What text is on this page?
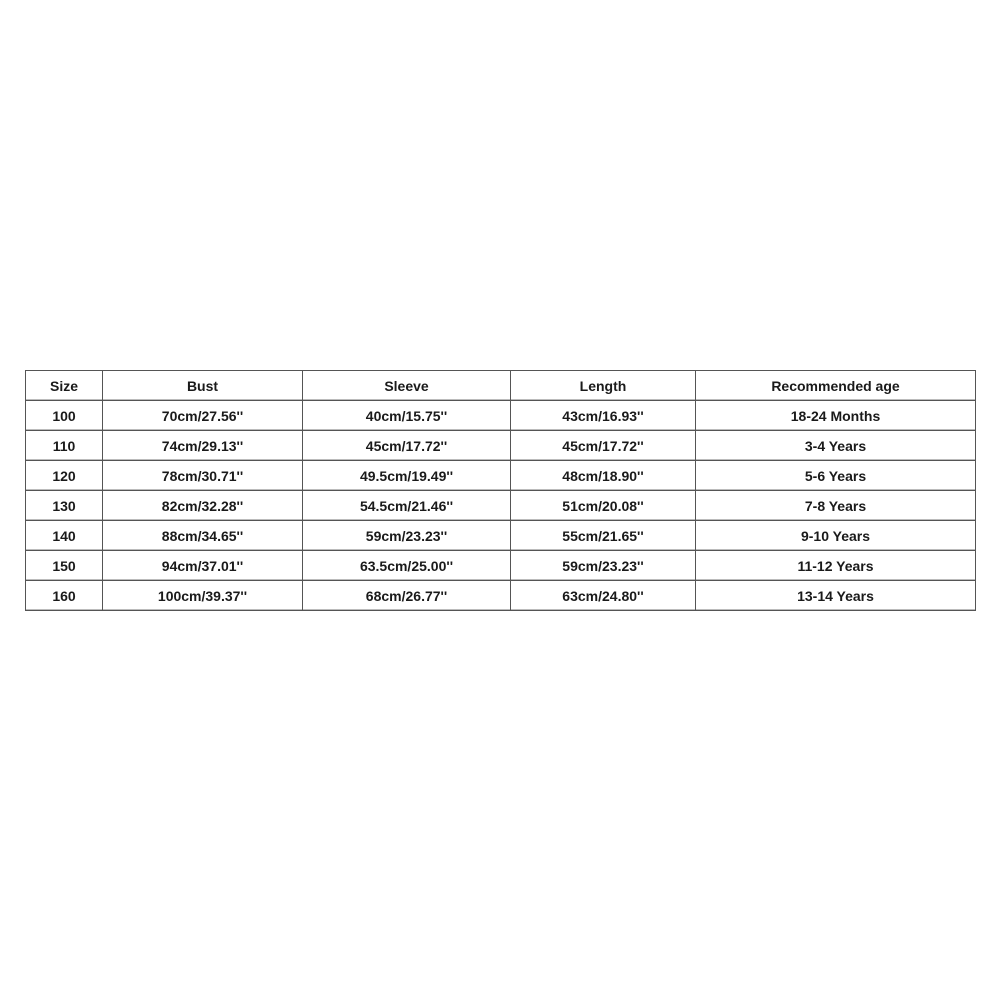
Size	Bust	Sleeve	Length	Recommended age
100	70cm/27.56''	40cm/15.75''	43cm/16.93''	18-24 Months
110	74cm/29.13''	45cm/17.72''	45cm/17.72''	3-4 Years
120	78cm/30.71''	49.5cm/19.49''	48cm/18.90''	5-6 Years
130	82cm/32.28''	54.5cm/21.46''	51cm/20.08''	7-8 Years
140	88cm/34.65''	59cm/23.23''	55cm/21.65''	9-10 Years
150	94cm/37.01''	63.5cm/25.00''	59cm/23.23''	11-12 Years
160	100cm/39.37''	68cm/26.77''	63cm/24.80''	13-14 Years
